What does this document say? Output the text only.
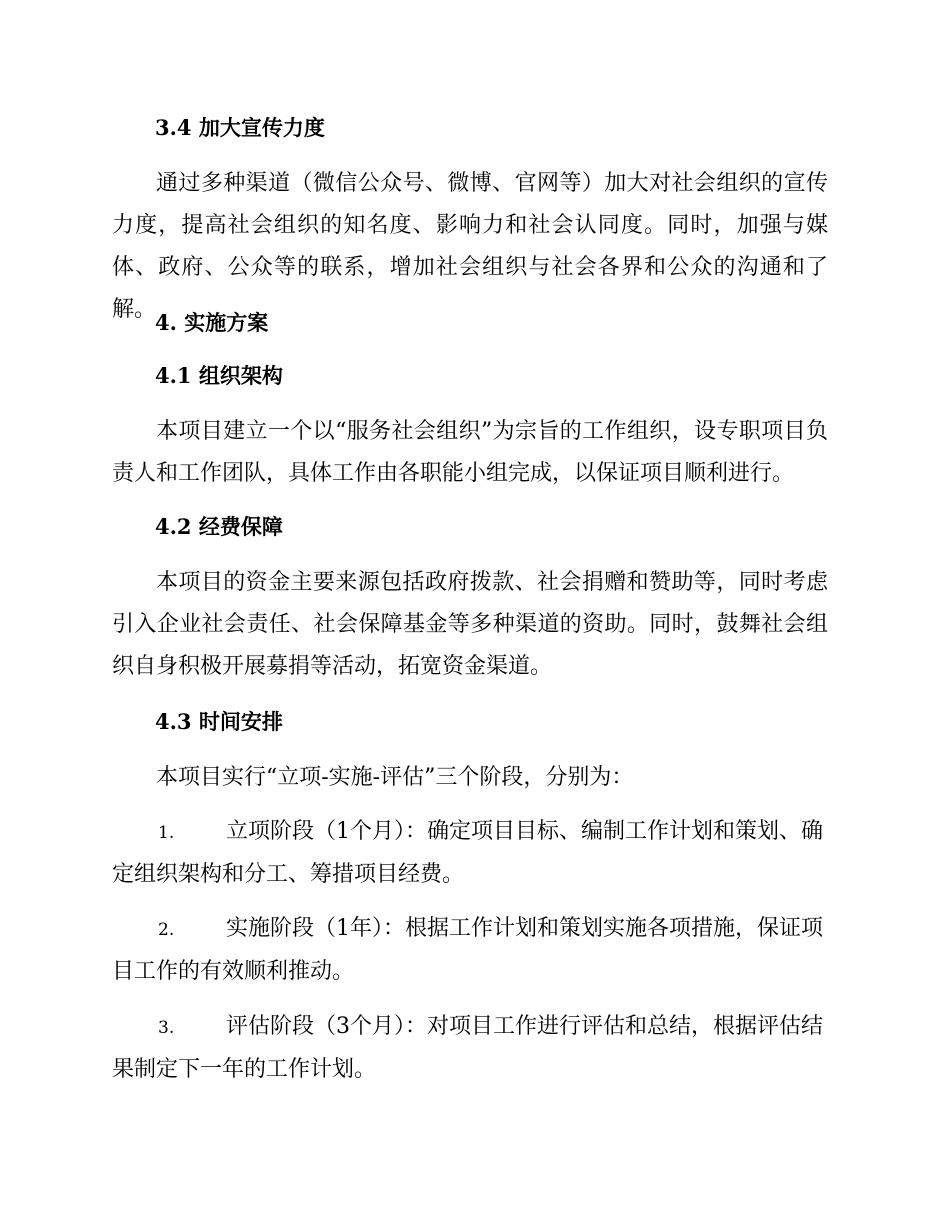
3.4 加大宣传力度
通过多种渠道（微信公众号、微博、官网等）加大对社会组织的宣传力度，提高社会组织的知名度、影响力和社会认同度。同时，加强与媒体、政府、公众等的联系，增加社会组织与社会各界和公众的沟通和了解。
4. 实施方案
4.1 组织架构
本项目建立一个以“服务社会组织”为宗旨的工作组织，设专职项目负责人和工作团队，具体工作由各职能小组完成，以保证项目顺利进行。
4.2 经费保障
本项目的资金主要来源包括政府拨款、社会捐赠和赞助等，同时考虑引入企业社会责任、社会保障基金等多种渠道的资助。同时，鼓舞社会组织自身积极开展募捐等活动，拓宽资金渠道。
4.3 时间安排
本项目实行“立项-实施-评估”三个阶段，分别为：
1. 立项阶段（1个月）：确定项目目标、编制工作计划和策划、确定组织架构和分工、筹措项目经费。
2. 实施阶段（1年）：根据工作计划和策划实施各项措施，保证项目工作的有效顺利推动。
3. 评估阶段（3个月）：对项目工作进行评估和总结，根据评估结果制定下一年的工作计划。
